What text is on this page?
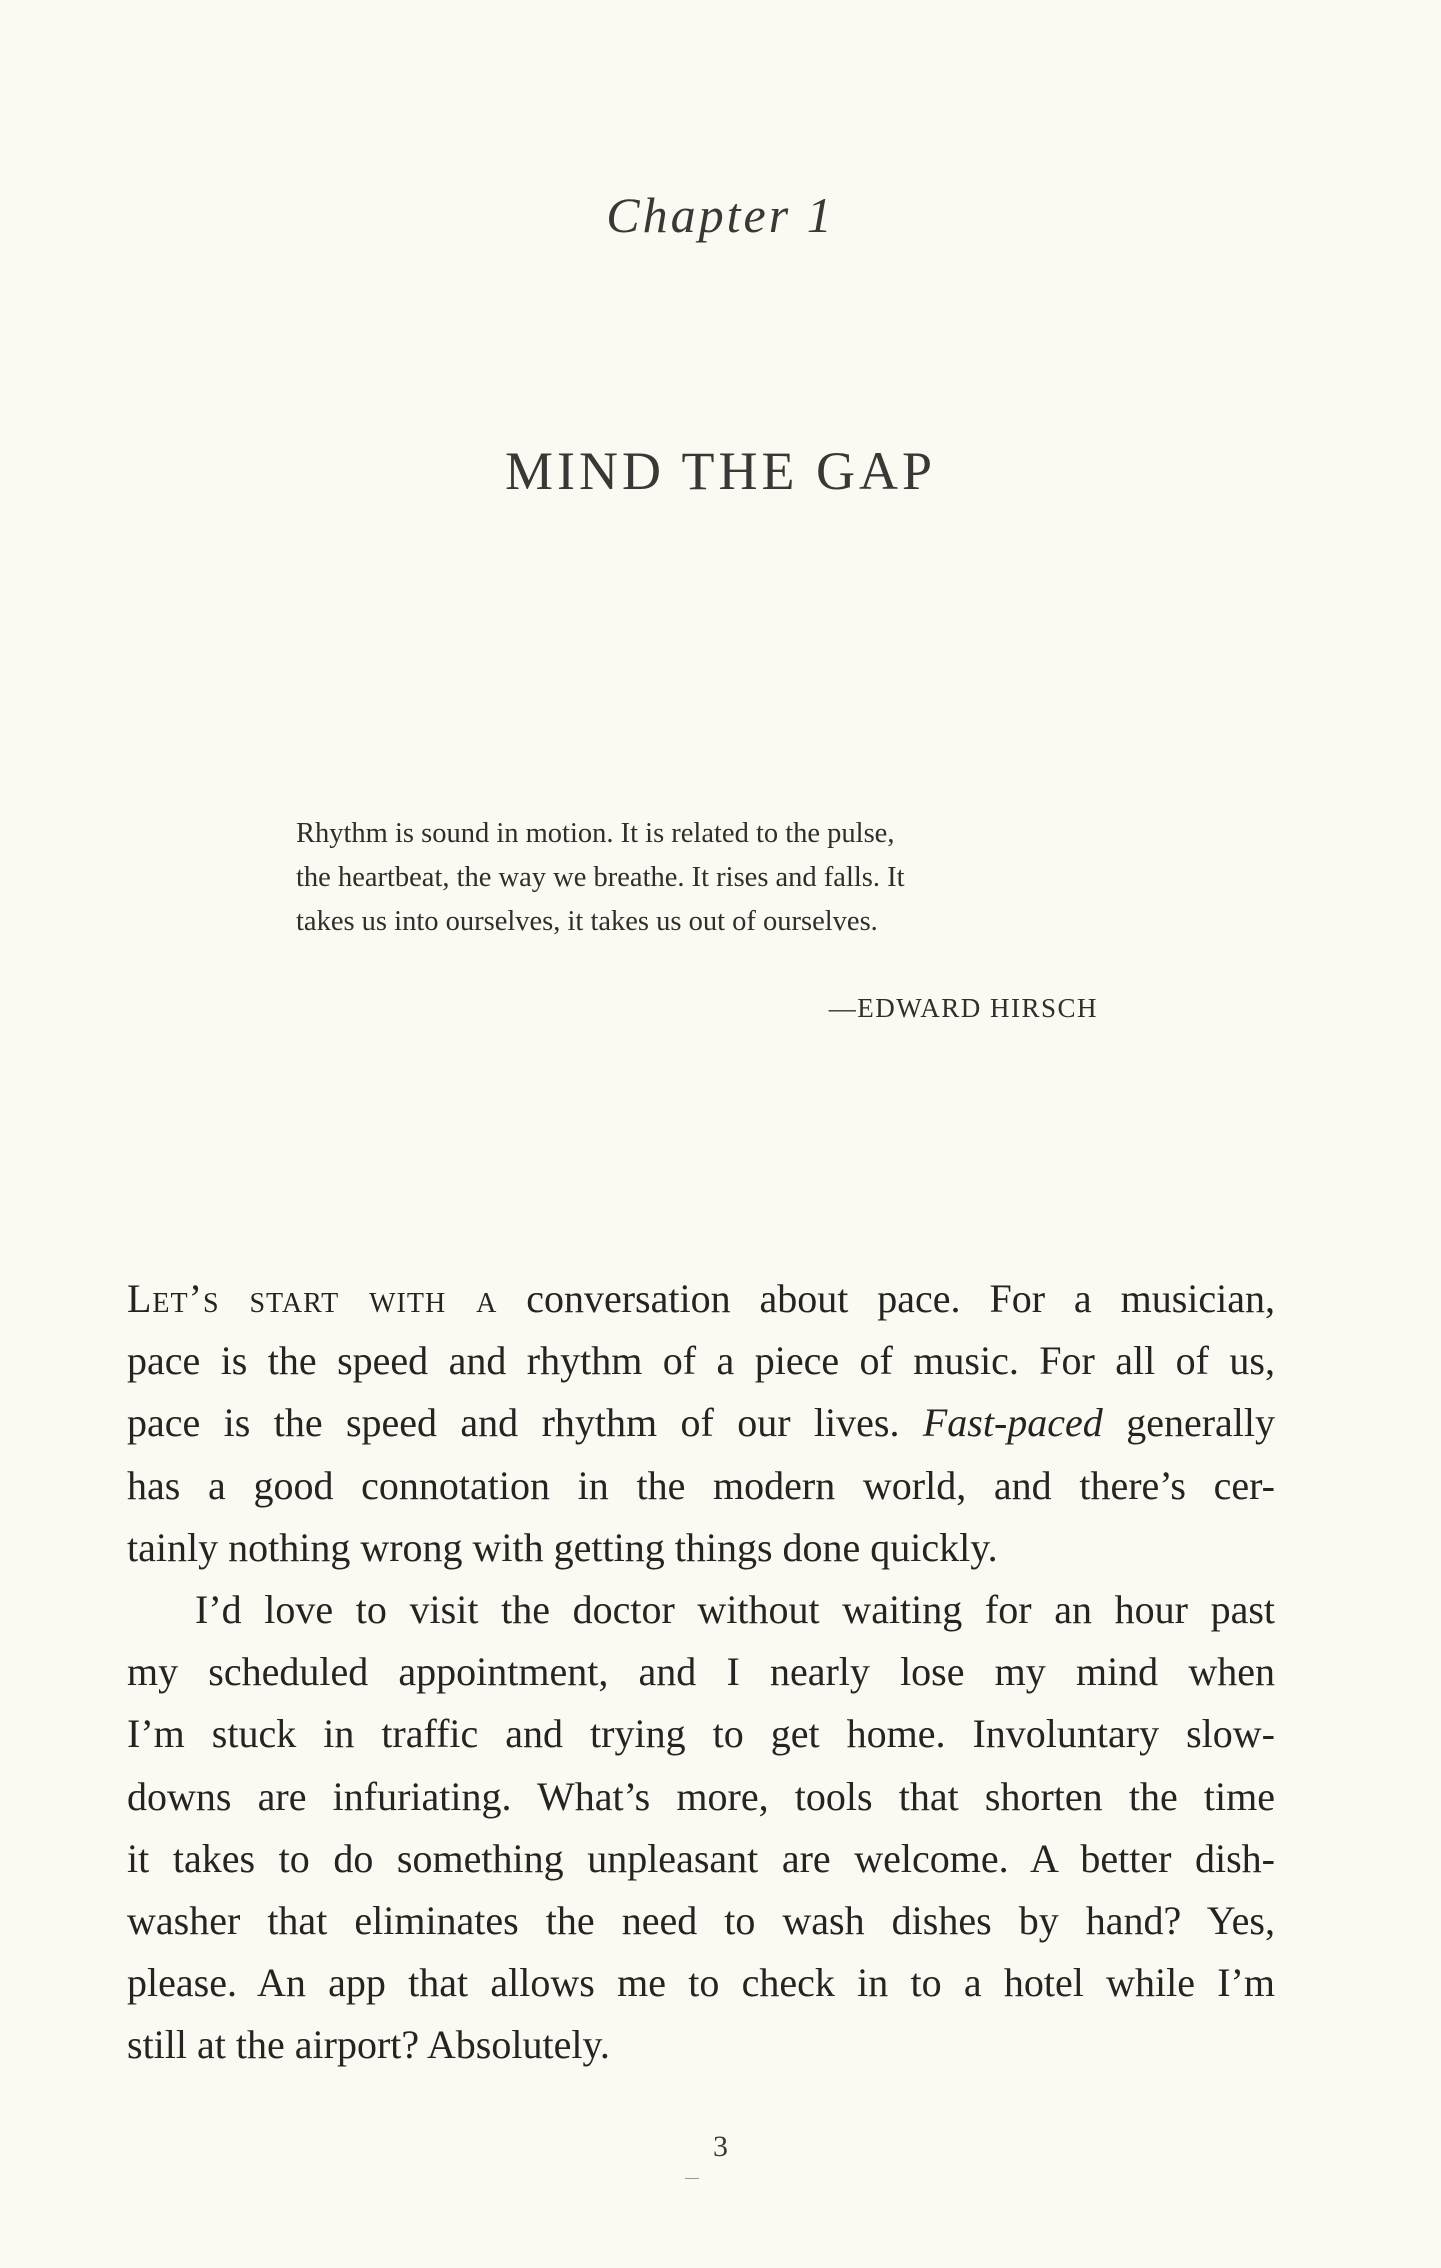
Chapter 1
MIND THE GAP
Rhythm is sound in motion. It is related to the pulse,
the heartbeat, the way we breathe. It rises and falls. It
takes us into ourselves, it takes us out of ourselves.
—EDWARD HIRSCH
Let’s start with a conversation about pace. For a musician,
pace is the speed and rhythm of a piece of music. For all of us,
pace is the speed and rhythm of our lives. Fast-paced generally
has a good connotation in the modern world, and there’s cer-
tainly nothing wrong with getting things done quickly.
I’d love to visit the doctor without waiting for an hour past
my scheduled appointment, and I nearly lose my mind when
I’m stuck in traffic and trying to get home. Involuntary slow-
downs are infuriating. What’s more, tools that shorten the time
it takes to do something unpleasant are welcome. A better dish-
washer that eliminates the need to wash dishes by hand? Yes,
please. An app that allows me to check in to a hotel while I’m
still at the airport? Absolutely.
3
